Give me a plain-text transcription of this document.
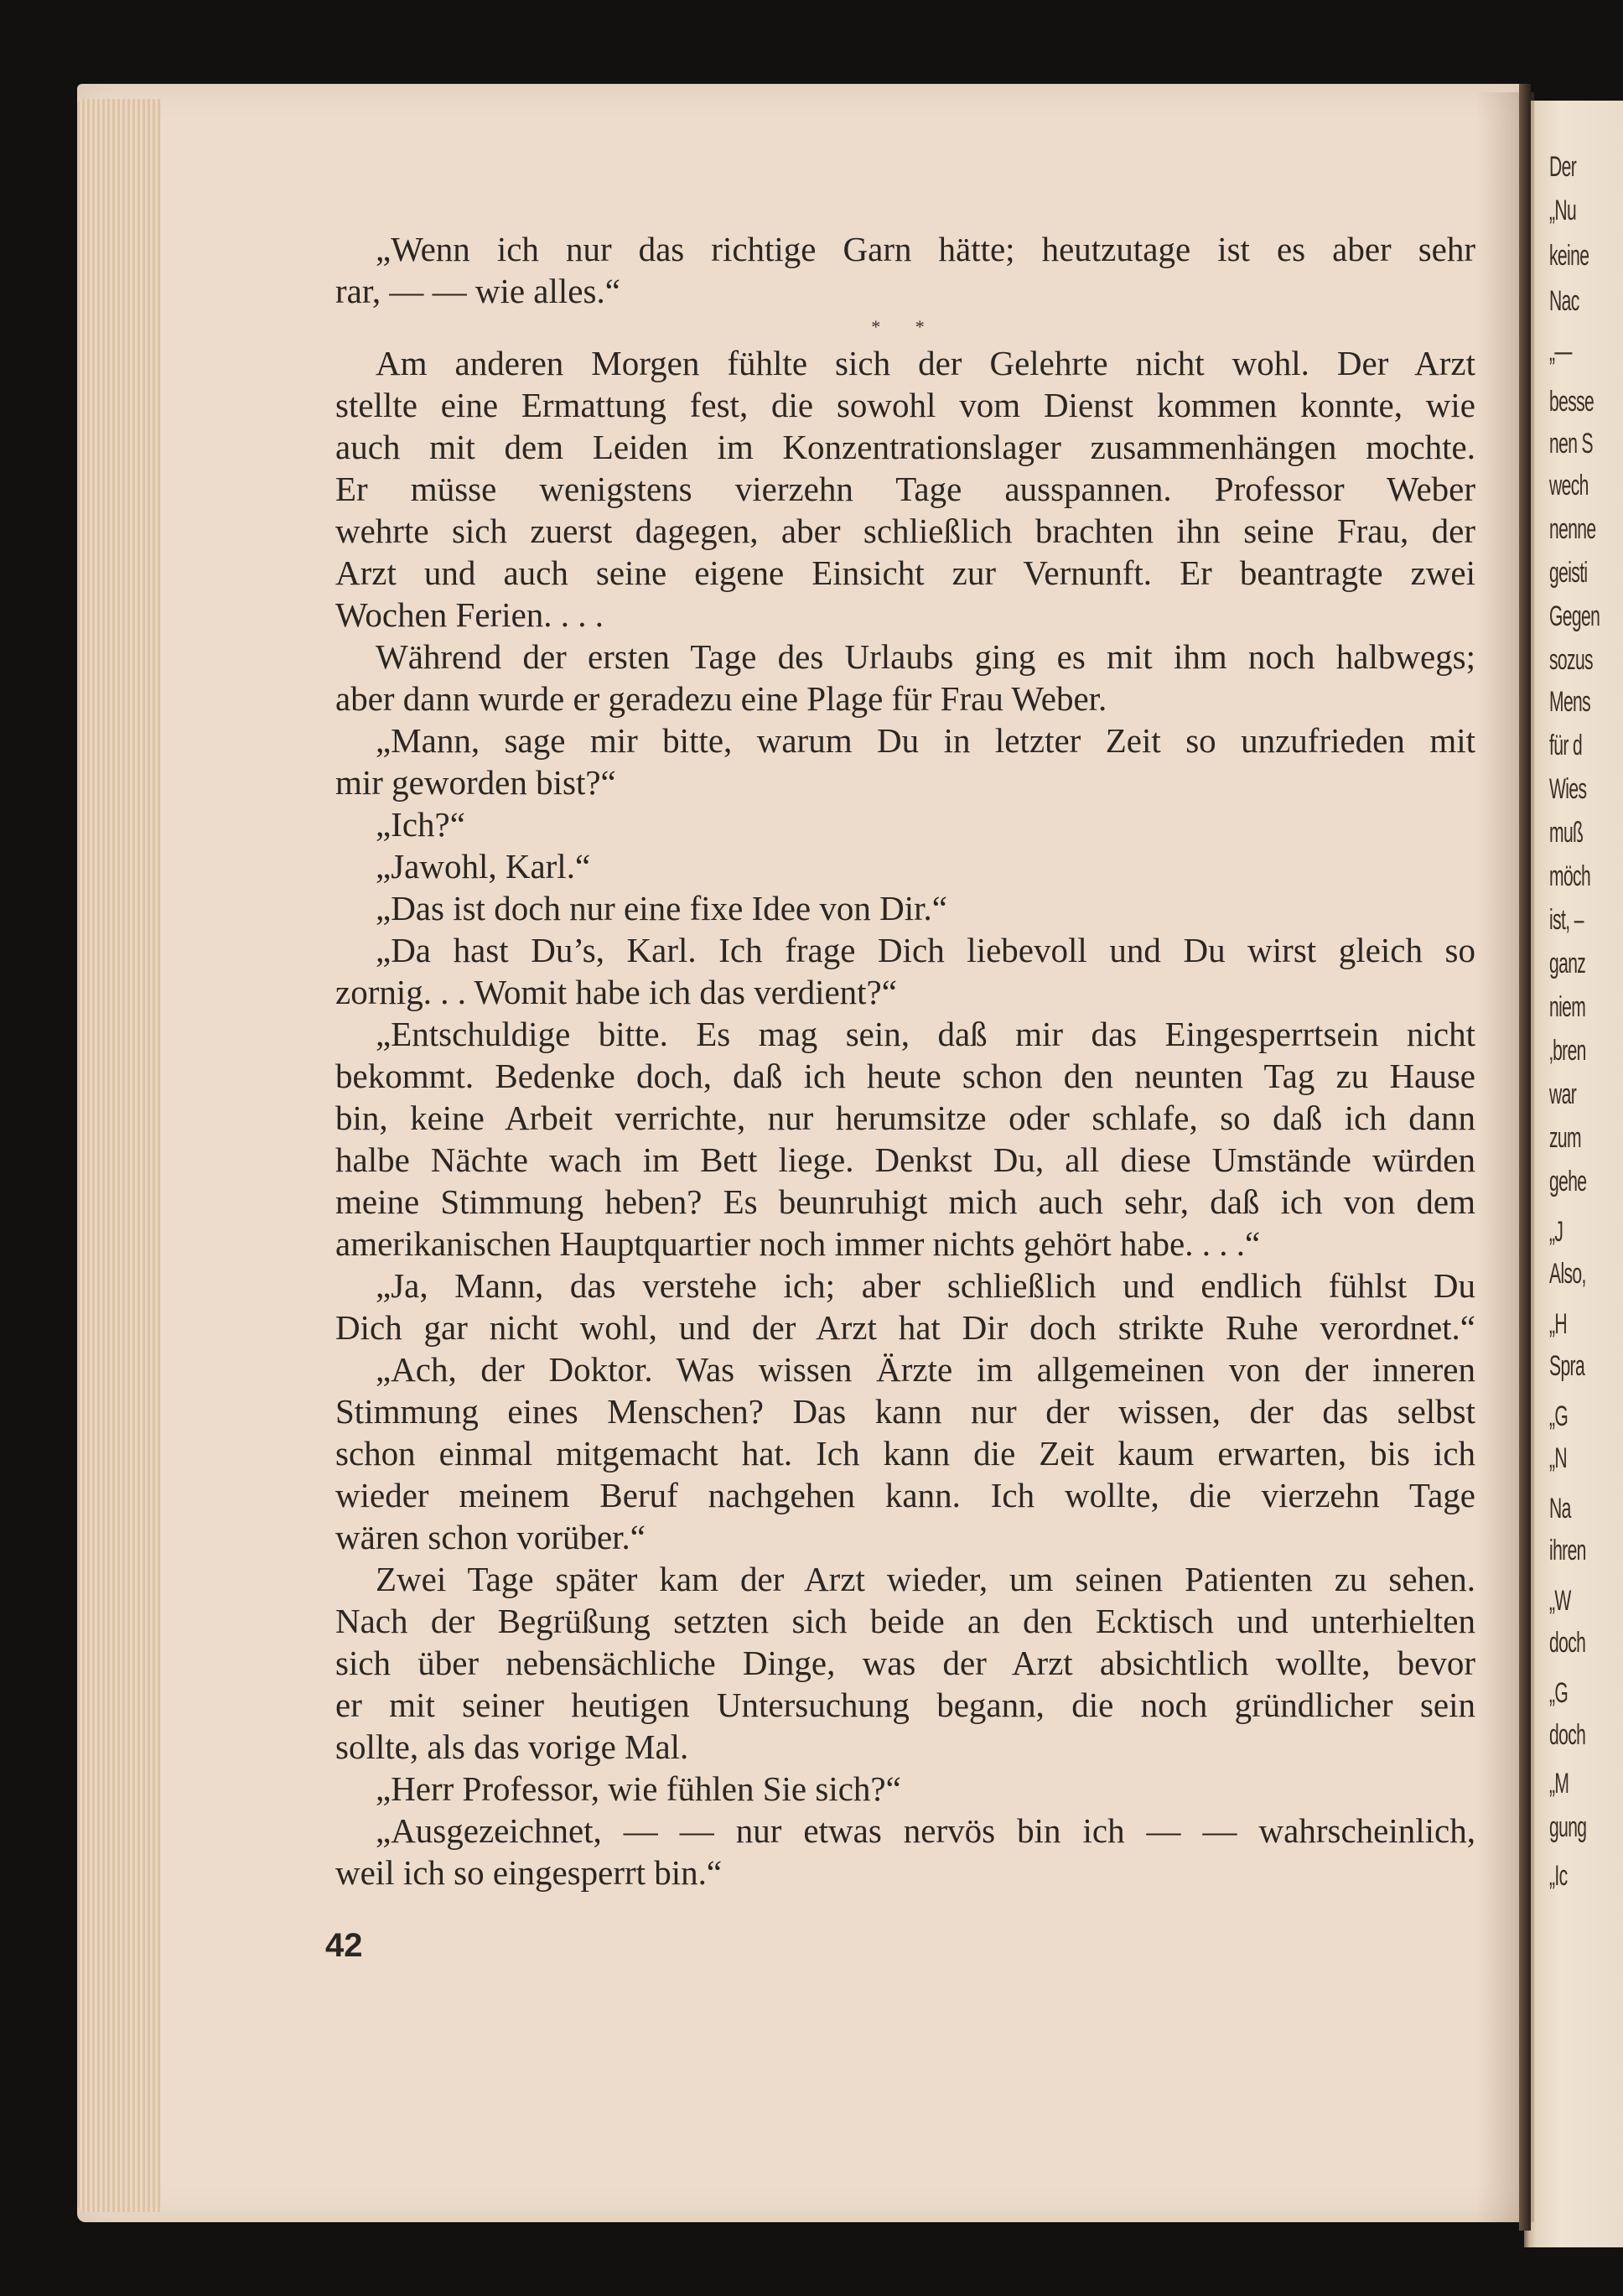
Der
„Nu
keine
Nac
„—
besse
nen S
wech
nenne
geisti
Gegen
sozus
Mens
für d
Wies
muß
möch
ist, –
ganz
niem
‚bren
war
zum
gehe
„J
Also,
„H
Spra
„G
„N
Na
ihren
„W
doch
„G
doch
„M
gung
„Ic
„Wenn ich nur das richtige Garn hätte; heutzutage ist es aber sehr
rar, — — wie alles.“
* *
Am anderen Morgen fühlte sich der Gelehrte nicht wohl. Der Arzt
stellte eine Ermattung fest, die sowohl vom Dienst kommen konnte, wie
auch mit dem Leiden im Konzentrationslager zusammenhängen mochte.
Er müsse wenigstens vierzehn Tage ausspannen. Professor Weber
wehrte sich zuerst dagegen, aber schließlich brachten ihn seine Frau, der
Arzt und auch seine eigene Einsicht zur Vernunft. Er beantragte zwei
Wochen Ferien. . . .
Während der ersten Tage des Urlaubs ging es mit ihm noch halbwegs;
aber dann wurde er geradezu eine Plage für Frau Weber.
„Mann, sage mir bitte, warum Du in letzter Zeit so unzufrieden mit
mir geworden bist?“
„Ich?“
„Jawohl, Karl.“
„Das ist doch nur eine fixe Idee von Dir.“
„Da hast Du’s, Karl. Ich frage Dich liebevoll und Du wirst gleich so
zornig. . . Womit habe ich das verdient?“
„Entschuldige bitte. Es mag sein, daß mir das Eingesperrtsein nicht
bekommt. Bedenke doch, daß ich heute schon den neunten Tag zu Hause
bin, keine Arbeit verrichte, nur herumsitze oder schlafe, so daß ich dann
halbe Nächte wach im Bett liege. Denkst Du, all diese Umstände würden
meine Stimmung heben? Es beunruhigt mich auch sehr, daß ich von dem
amerikanischen Hauptquartier noch immer nichts gehört habe. . . .“
„Ja, Mann, das verstehe ich; aber schließlich und endlich fühlst Du
Dich gar nicht wohl, und der Arzt hat Dir doch strikte Ruhe verordnet.“
„Ach, der Doktor. Was wissen Ärzte im allgemeinen von der inneren
Stimmung eines Menschen? Das kann nur der wissen, der das selbst
schon einmal mitgemacht hat. Ich kann die Zeit kaum erwarten, bis ich
wieder meinem Beruf nachgehen kann. Ich wollte, die vierzehn Tage
wären schon vorüber.“
Zwei Tage später kam der Arzt wieder, um seinen Patienten zu sehen.
Nach der Begrüßung setzten sich beide an den Ecktisch und unterhielten
sich über nebensächliche Dinge, was der Arzt absichtlich wollte, bevor
er mit seiner heutigen Untersuchung begann, die noch gründlicher sein
sollte, als das vorige Mal.
„Herr Professor, wie fühlen Sie sich?“
„Ausgezeichnet, — — nur etwas nervös bin ich — — wahrscheinlich,
weil ich so eingesperrt bin.“
42
